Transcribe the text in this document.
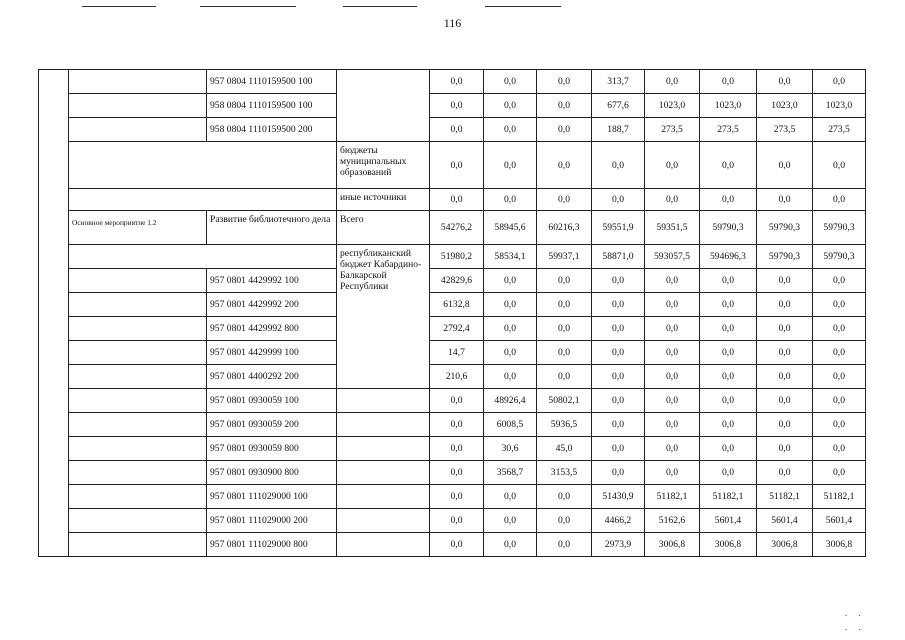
116
		957 0804 1110159500 100		0,0	0,0	0,0	313,7	0,0	0,0	0,0	0,0
		958 0804 1110159500 100		0,0	0,0	0,0	677,6	1023,0	1023,0	1023,0	1023,0
		958 0804 1110159500 200		0,0	0,0	0,0	188,7	273,5	273,5	273,5	273,5
			бюджеты муниципальных образований	0,0	0,0	0,0	0,0	0,0	0,0	0,0	0,0
			иные источники	0,0	0,0	0,0	0,0	0,0	0,0	0,0	0,0
	Основное мероприятие 1.2	Развитие библиотечного дела	Всего	54276,2	58945,6	60216,3	59551,9	59351,5	59790,3	59790,3	59790,3
			республиканский бюджет Кабардино-Балкарской Республики	51980,2	58534,1	59937,1	58871,0	593057,5	594696,3	59790,3	59790,3
		957 0801 4429992 100		42829,6	0,0	0,0	0,0	0,0	0,0	0,0	0,0
		957 0801 4429992 200		6132,8	0,0	0,0	0,0	0,0	0,0	0,0	0,0
		957 0801 4429992 800		2792,4	0,0	0,0	0,0	0,0	0,0	0,0	0,0
		957 0801 4429999 100		14,7	0,0	0,0	0,0	0,0	0,0	0,0	0,0
		957 0801 4400292 200		210,6	0,0	0,0	0,0	0,0	0,0	0,0	0,0
		957 0801 0930059 100		0,0	48926,4	50802,1	0,0	0,0	0,0	0,0	0,0
		957 0801 0930059 200		0,0	6008,5	5936,5	0,0	0,0	0,0	0,0	0,0
		957 0801 0930059 800		0,0	30,6	45,0	0,0	0,0	0,0	0,0	0,0
		957 0801 0930900 800		0,0	3568,7	3153,5	0,0	0,0	0,0	0,0	0,0
		957 0801 111029000 100		0,0	0,0	0,0	51430,9	51182,1	51182,1	51182,1	51182,1
		957 0801 111029000 200		0,0	0,0	0,0	4466,2	5162,6	5601,4	5601,4	5601,4
		957 0801 111029000 800		0,0	0,0	0,0	2973,9	3006,8	3006,8	3006,8	3006,8
.     .
.     .
